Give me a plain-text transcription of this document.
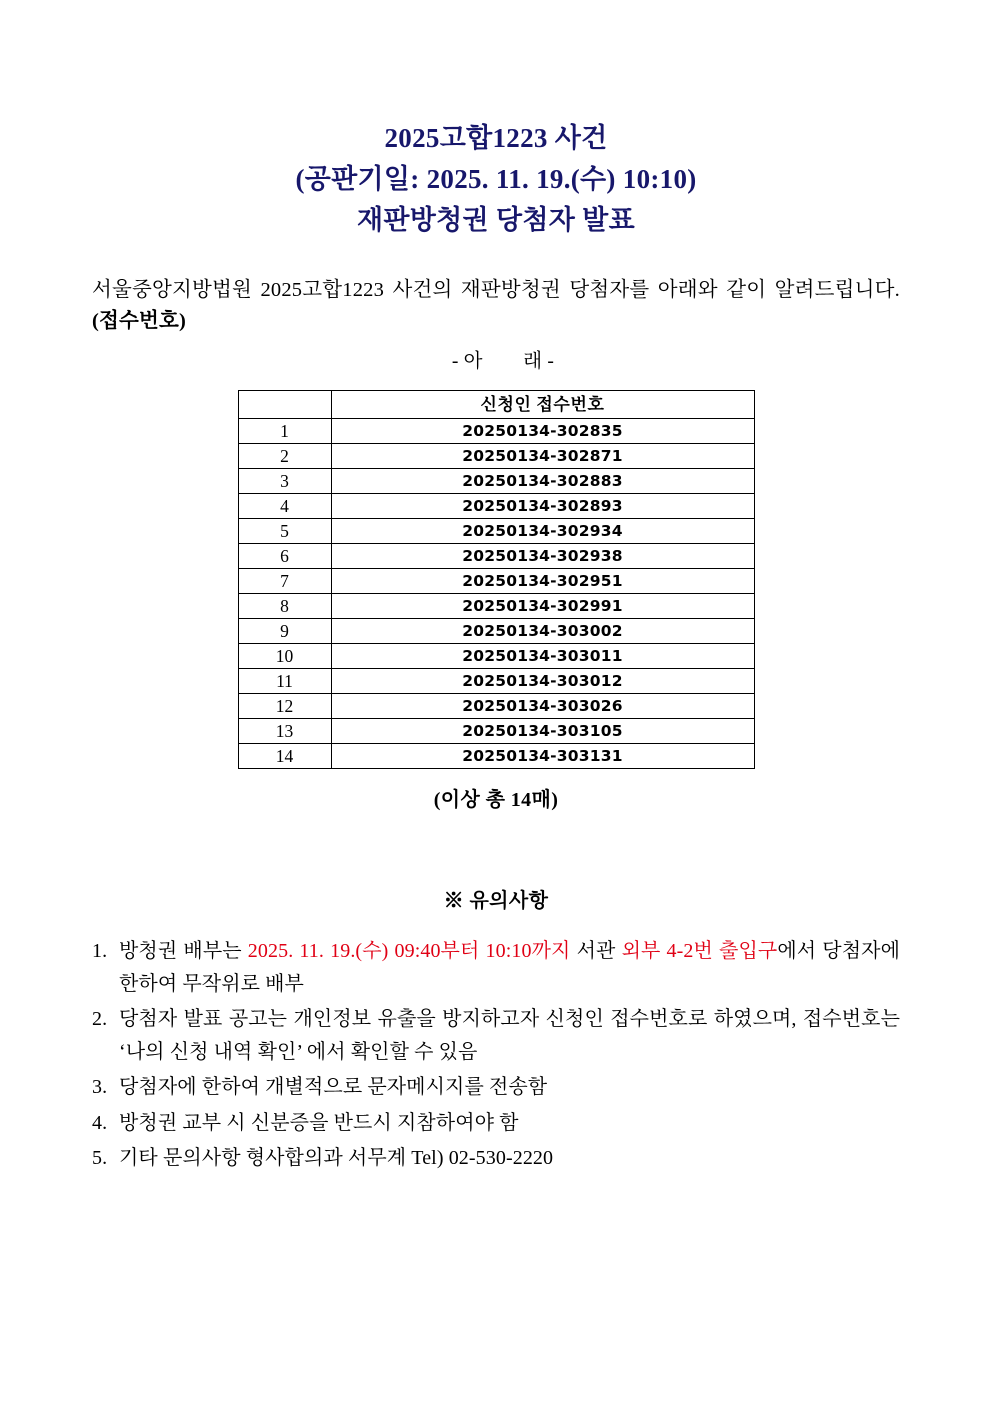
2025고합1223 사건
(공판기일: 2025. 11. 19.(수) 10:10)
재판방청권 당첨자 발표
서울중앙지방법원 2025고합1223 사건의 재판방청권 당첨자를 아래와 같이 알려드립니다. (접수번호)
- 아        래 -
	신청인 접수번호
1	20250134-302835
2	20250134-302871
3	20250134-302883
4	20250134-302893
5	20250134-302934
6	20250134-302938
7	20250134-302951
8	20250134-302991
9	20250134-303002
10	20250134-303011
11	20250134-303012
12	20250134-303026
13	20250134-303105
14	20250134-303131
(이상 총 14매)
※ 유의사항
1. 방청권 배부는 2025. 11. 19.(수) 09:40부터 10:10까지 서관 외부 4-2번 출입구에서 당첨자에 한하여 무작위로 배부
2. 당첨자 발표 공고는 개인정보 유출을 방지하고자 신청인 접수번호로 하였으며, 접수번호는 ‘나의 신청 내역 확인’ 에서 확인할 수 있음
3. 당첨자에 한하여 개별적으로 문자메시지를 전송함
4. 방청권 교부 시 신분증을 반드시 지참하여야 함
5. 기타 문의사항 형사합의과 서무계 Tel) 02-530-2220
